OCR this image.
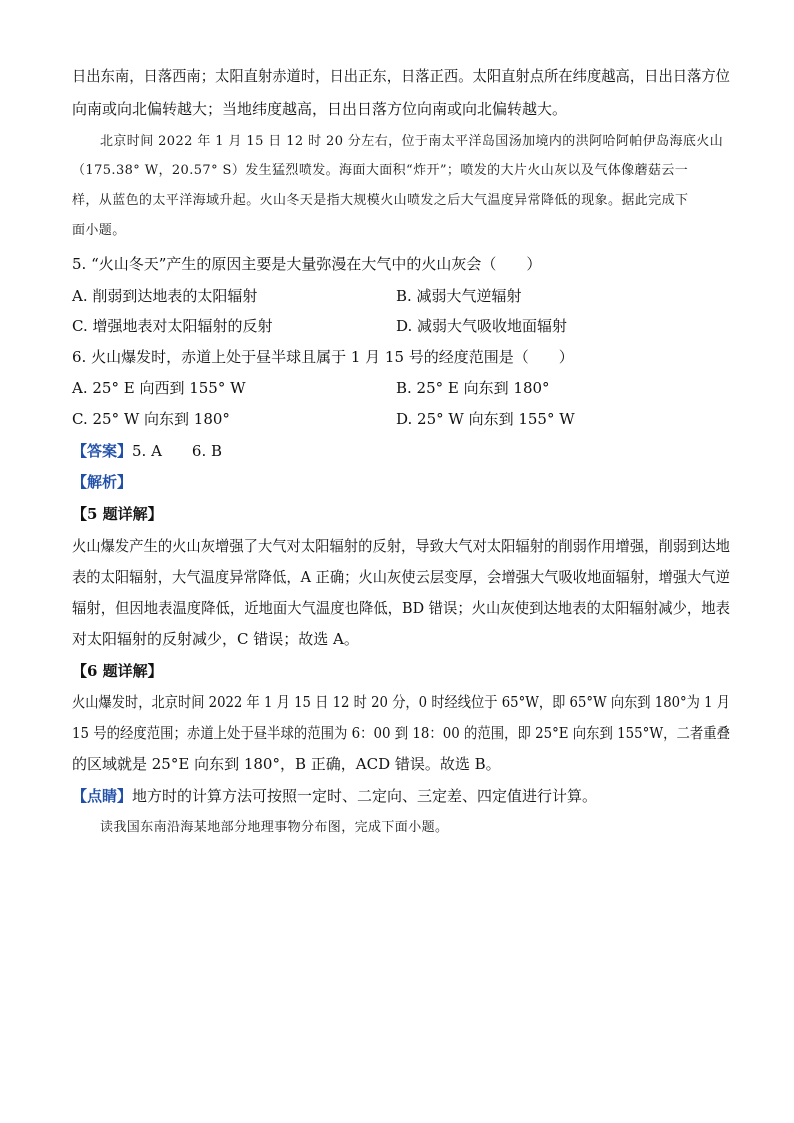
日出东南，日落西南；太阳直射赤道时，日出正东，日落正西。太阳直射点所在纬度越高，日出日落方位
向南或向北偏转越大；当地纬度越高，日出日落方位向南或向北偏转越大。
北京时间 2022 年 1 月 15 日 12 时 20 分左右，位于南太平洋岛国汤加境内的洪阿哈阿帕伊岛海底火山
（175.38° W，20.57° S）发生猛烈喷发。海面大面积“炸开”；喷发的大片火山灰以及气体像蘑菇云一
样，从蓝色的太平洋海域升起。火山冬天是指大规模火山喷发之后大气温度异常降低的现象。据此完成下
面小题。
5. “火山冬天”产生的原因主要是大量弥漫在大气中的火山灰会（　　）
A. 削弱到达地表的太阳辐射	B. 减弱大气逆辐射
C. 增强地表对太阳辐射的反射	D. 减弱大气吸收地面辐射
6. 火山爆发时，赤道上处于昼半球且属于 1 月 15 号的经度范围是（　　）
A. 25° E 向西到 155° W	B. 25° E 向东到 180°
C. 25° W 向东到 180°	D. 25° W 向东到 155° W
【答案】5. A　　6. B
【解析】
【5 题详解】
火山爆发产生的火山灰增强了大气对太阳辐射的反射，导致大气对太阳辐射的削弱作用增强，削弱到达地
表的太阳辐射，大气温度异常降低，A 正确；火山灰使云层变厚，会增强大气吸收地面辐射，增强大气逆
辐射，但因地表温度降低，近地面大气温度也降低，BD 错误；火山灰使到达地表的太阳辐射减少，地表
对太阳辐射的反射减少，C 错误；故选 A。
【6 题详解】
火山爆发时，北京时间 2022 年 1 月 15 日 12 时 20 分，0 时经线位于 65°W，即 65°W 向东到 180°为 1 月
15 号的经度范围；赤道上处于昼半球的范围为 6：00 到 18：00 的范围，即 25°E 向东到 155°W，二者重叠
的区域就是 25°E 向东到 180°，B 正确，ACD 错误。故选 B。
【点睛】地方时的计算方法可按照一定时、二定向、三定差、四定值进行计算。
读我国东南沿海某地部分地理事物分布图，完成下面小题。
